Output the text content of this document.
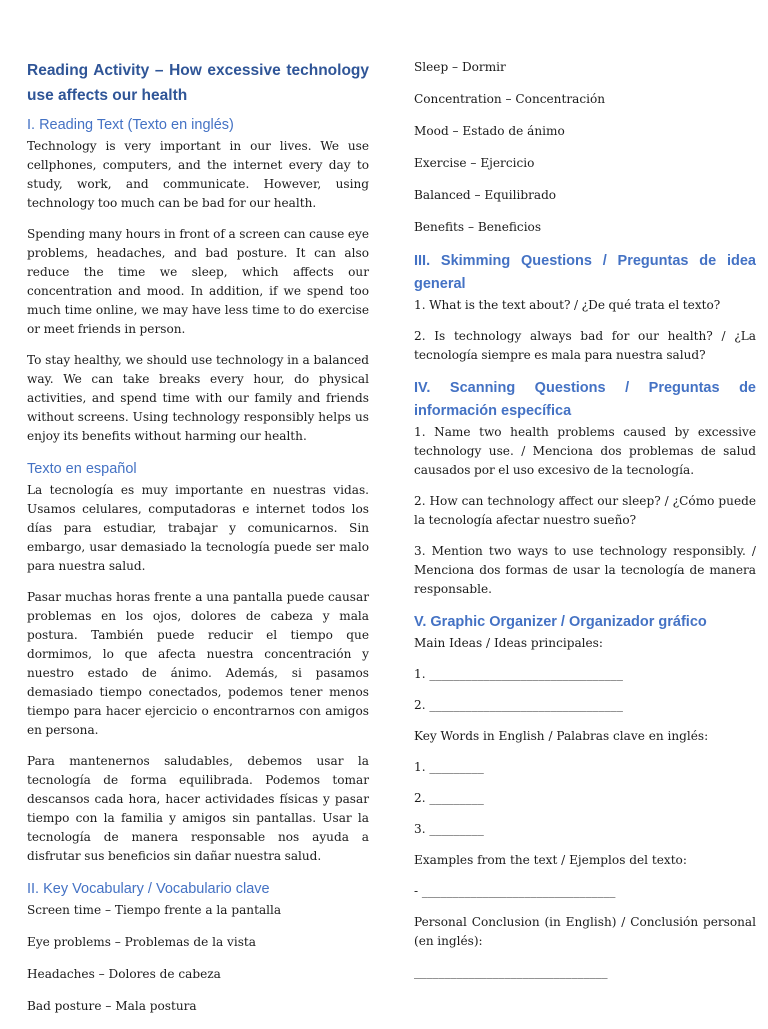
Reading Activity – How excessive technology use affects our health
I. Reading Text (Texto en inglés)

Technology is very important in our lives. We use cellphones, computers, and the internet every day to study, work, and communicate. However, using technology too much can be bad for our health.

Spending many hours in front of a screen can cause eye problems, headaches, and bad posture. It can also reduce the time we sleep, which affects our concentration and mood. In addition, if we spend too much time online, we may have less time to do exercise or meet friends in person.

To stay healthy, we should use technology in a balanced way. We can take breaks every hour, do physical activities, and spend time with our family and friends without screens. Using technology responsibly helps us enjoy its benefits without harming our health.

Texto en español

La tecnología es muy importante en nuestras vidas. Usamos celulares, computadoras e internet todos los días para estudiar, trabajar y comunicarnos. Sin embargo, usar demasiado la tecnología puede ser malo para nuestra salud.

Pasar muchas horas frente a una pantalla puede causar problemas en los ojos, dolores de cabeza y mala postura. También puede reducir el tiempo que dormimos, lo que afecta nuestra concentración y nuestro estado de ánimo. Además, si pasamos demasiado tiempo conectados, podemos tener menos tiempo para hacer ejercicio o encontrarnos con amigos en persona.

Para mantenernos saludables, debemos usar la tecnología de forma equilibrada. Podemos tomar descansos cada hora, hacer actividades físicas y pasar tiempo con la familia y amigos sin pantallas. Usar la tecnología de manera responsable nos ayuda a disfrutar sus beneficios sin dañar nuestra salud.

II. Key Vocabulary / Vocabulario clave
Screen time – Tiempo frente a la pantalla
Eye problems – Problemas de la vista
Headaches – Dolores de cabeza
Bad posture – Mala postura
Sleep – Dormir
Concentration – Concentración
Mood – Estado de ánimo
Exercise – Ejercicio
Balanced – Equilibrado
Benefits – Beneficios
III. Skimming Questions / Preguntas de idea general

1. What is the text about? / ¿De qué trata el texto?

2. Is technology always bad for our health? / ¿La tecnología siempre es mala para nuestra salud?

IV. Scanning Questions / Preguntas de información específica

1. Name two health problems caused by excessive technology use. / Menciona dos problemas de salud causados por el uso excesivo de la tecnología.

2. How can technology affect our sleep? / ¿Cómo puede la tecnología afectar nuestro sueño?

3. Mention two ways to use technology responsibly. / Menciona dos formas de usar la tecnología de manera responsable.

V. Graphic Organizer / Organizador gráfico
Main Ideas / Ideas principales:
1. ________________________________
2. ________________________________
Key Words in English / Palabras clave en inglés:
1. _________
2. _________
3. _________
Examples from the text / Ejemplos del texto:
- ________________________________

Personal Conclusion (in English) / Conclusión personal (en inglés):

________________________________
